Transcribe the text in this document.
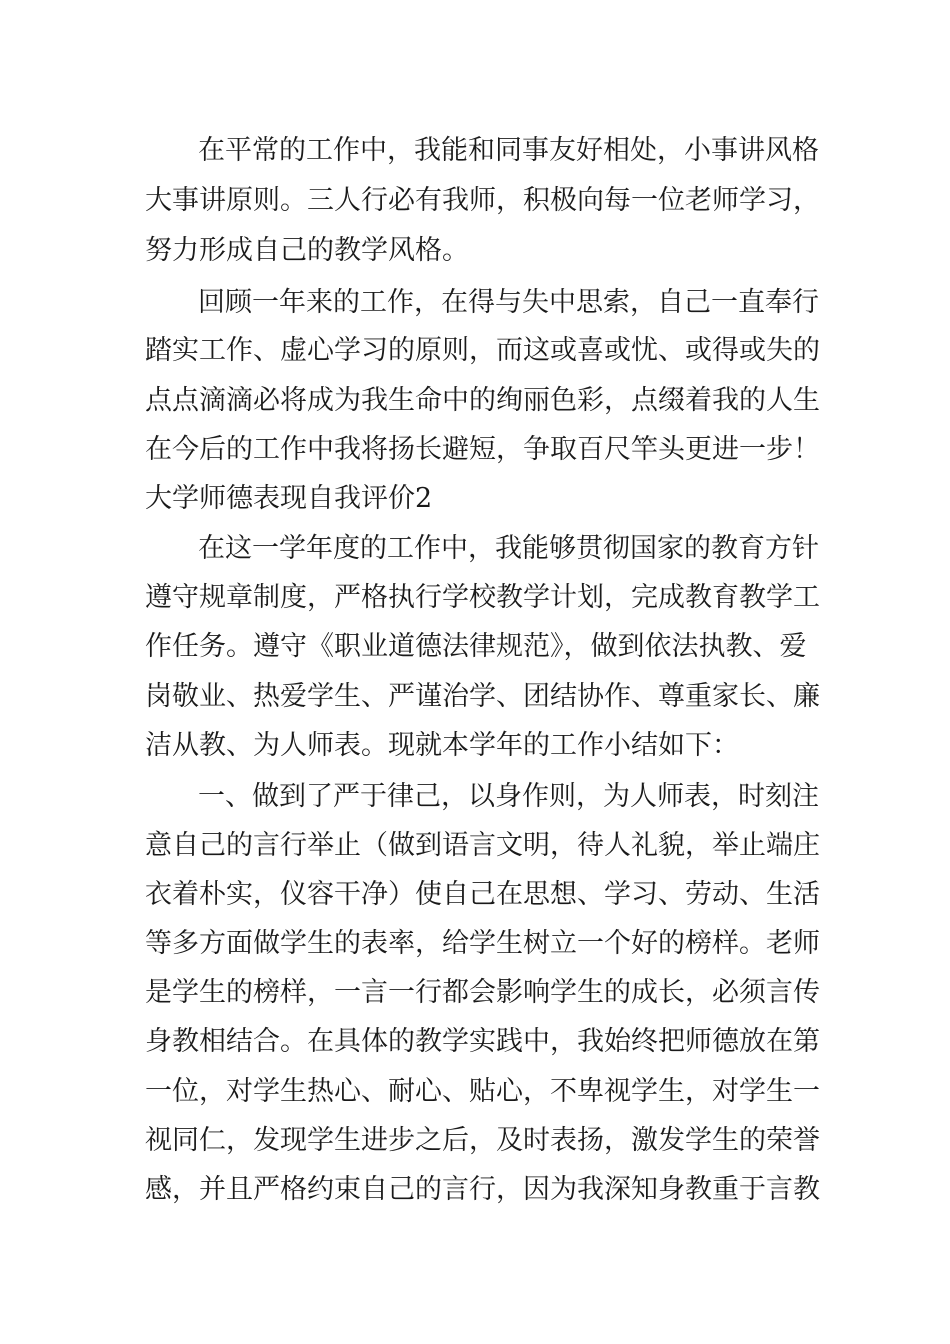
在平常的工作中，我能和同事友好相处，小事讲风格
大事讲原则。三人行必有我师，积极向每一位老师学习，
努力形成自己的教学风格。
回顾一年来的工作，在得与失中思索，自己一直奉行
踏实工作、虚心学习的原则，而这或喜或忧、或得或失的
点点滴滴必将成为我生命中的绚丽色彩，点缀着我的人生
在今后的工作中我将扬长避短，争取百尺竿头更进一步！
大学师德表现自我评价2
在这一学年度的工作中，我能够贯彻国家的教育方针
遵守规章制度，严格执行学校教学计划，完成教育教学工
作任务。遵守《职业道德法律规范》，做到依法执教、爱
岗敬业、热爱学生、严谨治学、团结协作、尊重家长、廉
洁从教、为人师表。现就本学年的工作小结如下：
一、做到了严于律己，以身作则，为人师表，时刻注
意自己的言行举止（做到语言文明，待人礼貌，举止端庄
衣着朴实，仪容干净）使自己在思想、学习、劳动、生活
等多方面做学生的表率，给学生树立一个好的榜样。老师
是学生的榜样，一言一行都会影响学生的成长，必须言传
身教相结合。在具体的教学实践中，我始终把师德放在第
一位，对学生热心、耐心、贴心，不卑视学生，对学生一
视同仁，发现学生进步之后，及时表扬，激发学生的荣誉
感，并且严格约束自己的言行，因为我深知身教重于言教
